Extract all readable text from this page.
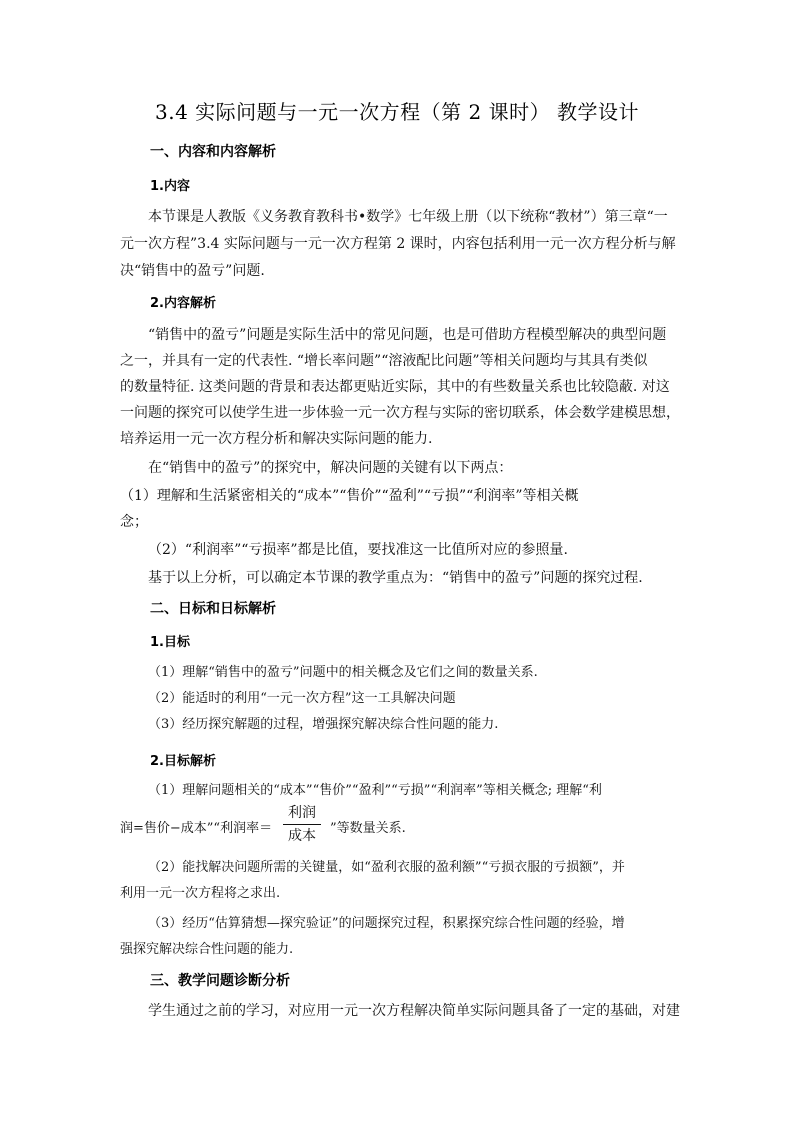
3.4 实际问题与一元一次方程（第 2 课时） 教学设计
一、内容和内容解析
1.内容
本节课是人教版《义务教育教科书•数学》七年级上册（以下统称“教材”）第三章“一
元一次方程”3.4 实际问题与一元一次方程第 2 课时，内容包括利用一元一次方程分析与解
决“销售中的盈亏”问题.
2.内容解析
“销售中的盈亏”问题是实际生活中的常见问题，也是可借助方程模型解决的典型问题
之一，并具有一定的代表性. “增长率问题”“溶液配比问题”等相关问题均与其具有类似
的数量特征. 这类问题的背景和表达都更贴近实际，其中的有些数量关系也比较隐蔽. 对这
一问题的探究可以使学生进一步体验一元一次方程与实际的密切联系，体会数学建模思想，
培养运用一元一次方程分析和解决实际问题的能力.
在“销售中的盈亏”的探究中，解决问题的关键有以下两点：
（1）理解和生活紧密相关的“成本”“售价”“盈利”“亏损”“利润率”等相关概
念；
（2）“利润率”“亏损率”都是比值，要找准这一比值所对应的参照量.
基于以上分析，可以确定本节课的教学重点为：“销售中的盈亏”问题的探究过程.
二、日标和日标解析
1.目标
（1）理解“销售中的盈亏”问题中的相关概念及它们之间的数量关系.
（2）能适时的利用“一元一次方程”这一工具解决问题
（3）经历探究解题的过程，增强探究解决综合性问题的能力.
2.目标解析
（1）理解问题相关的“成本”“售价”“盈利”“亏损”“利润率”等相关概念; 理解“利
润=售价−成本”“利润率＝
利润
成本 ”等数量关系.
（2）能找解决问题所需的关键量，如“盈利衣服的盈利额”“亏损衣服的亏损额”，并
利用一元一次方程将之求出.
（3）经历“估算猜想—探究验证”的问题探究过程，积累探究综合性问题的经验，增
强探究解决综合性问题的能力.
三、教学问题诊断分析
学生通过之前的学习，对应用一元一次方程解决简单实际问题具备了一定的基础，对建
